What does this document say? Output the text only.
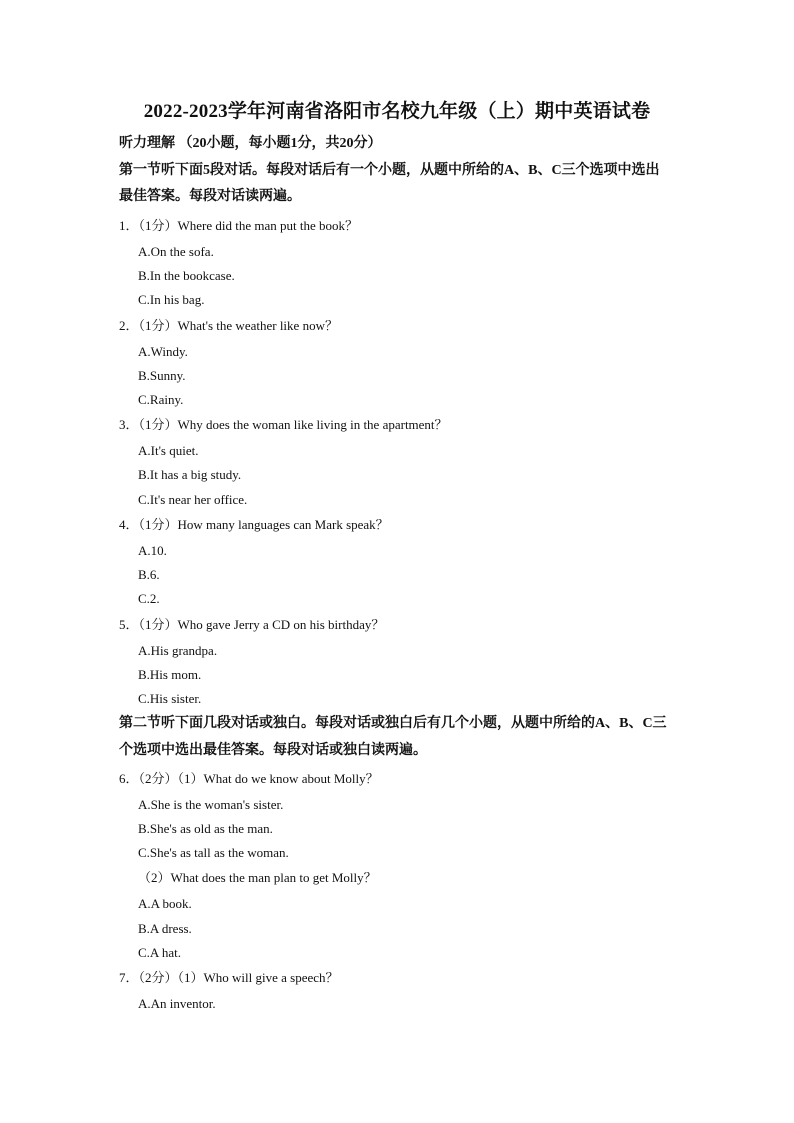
2022-2023学年河南省洛阳市名校九年级（上）期中英语试卷
听力理解 （20小题，每小题1分，共20分）
第一节听下面5段对话。每段对话后有一个小题，从题中所给的A、B、C三个选项中选出
最佳答案。每段对话读两遍。
1．（1分）Where did the man put the book？
A.On the sofa.
B.In the bookcase.
C.In his bag.
2．（1分）What's the weather like now？
A.Windy.
B.Sunny.
C.Rainy.
3．（1分）Why does the woman like living in the apartment？
A.It's quiet.
B.It has a big study.
C.It's near her office.
4．（1分）How many languages can Mark speak？
A.10.
B.6.
C.2.
5．（1分）Who gave Jerry a CD on his birthday？
A.His grandpa.
B.His mom.
C.His sister.
第二节听下面几段对话或独白。每段对话或独白后有几个小题，从题中所给的A、B、C三
个选项中选出最佳答案。每段对话或独白读两遍。
6．（2分）（1）What do we know about Molly？
A.She is the woman's sister.
B.She's as old as the man.
C.She's as tall as the woman.
（2）What does the man plan to get Molly？
A.A book.
B.A dress.
C.A hat.
7．（2分）（1）Who will give a speech？
A.An inventor.
